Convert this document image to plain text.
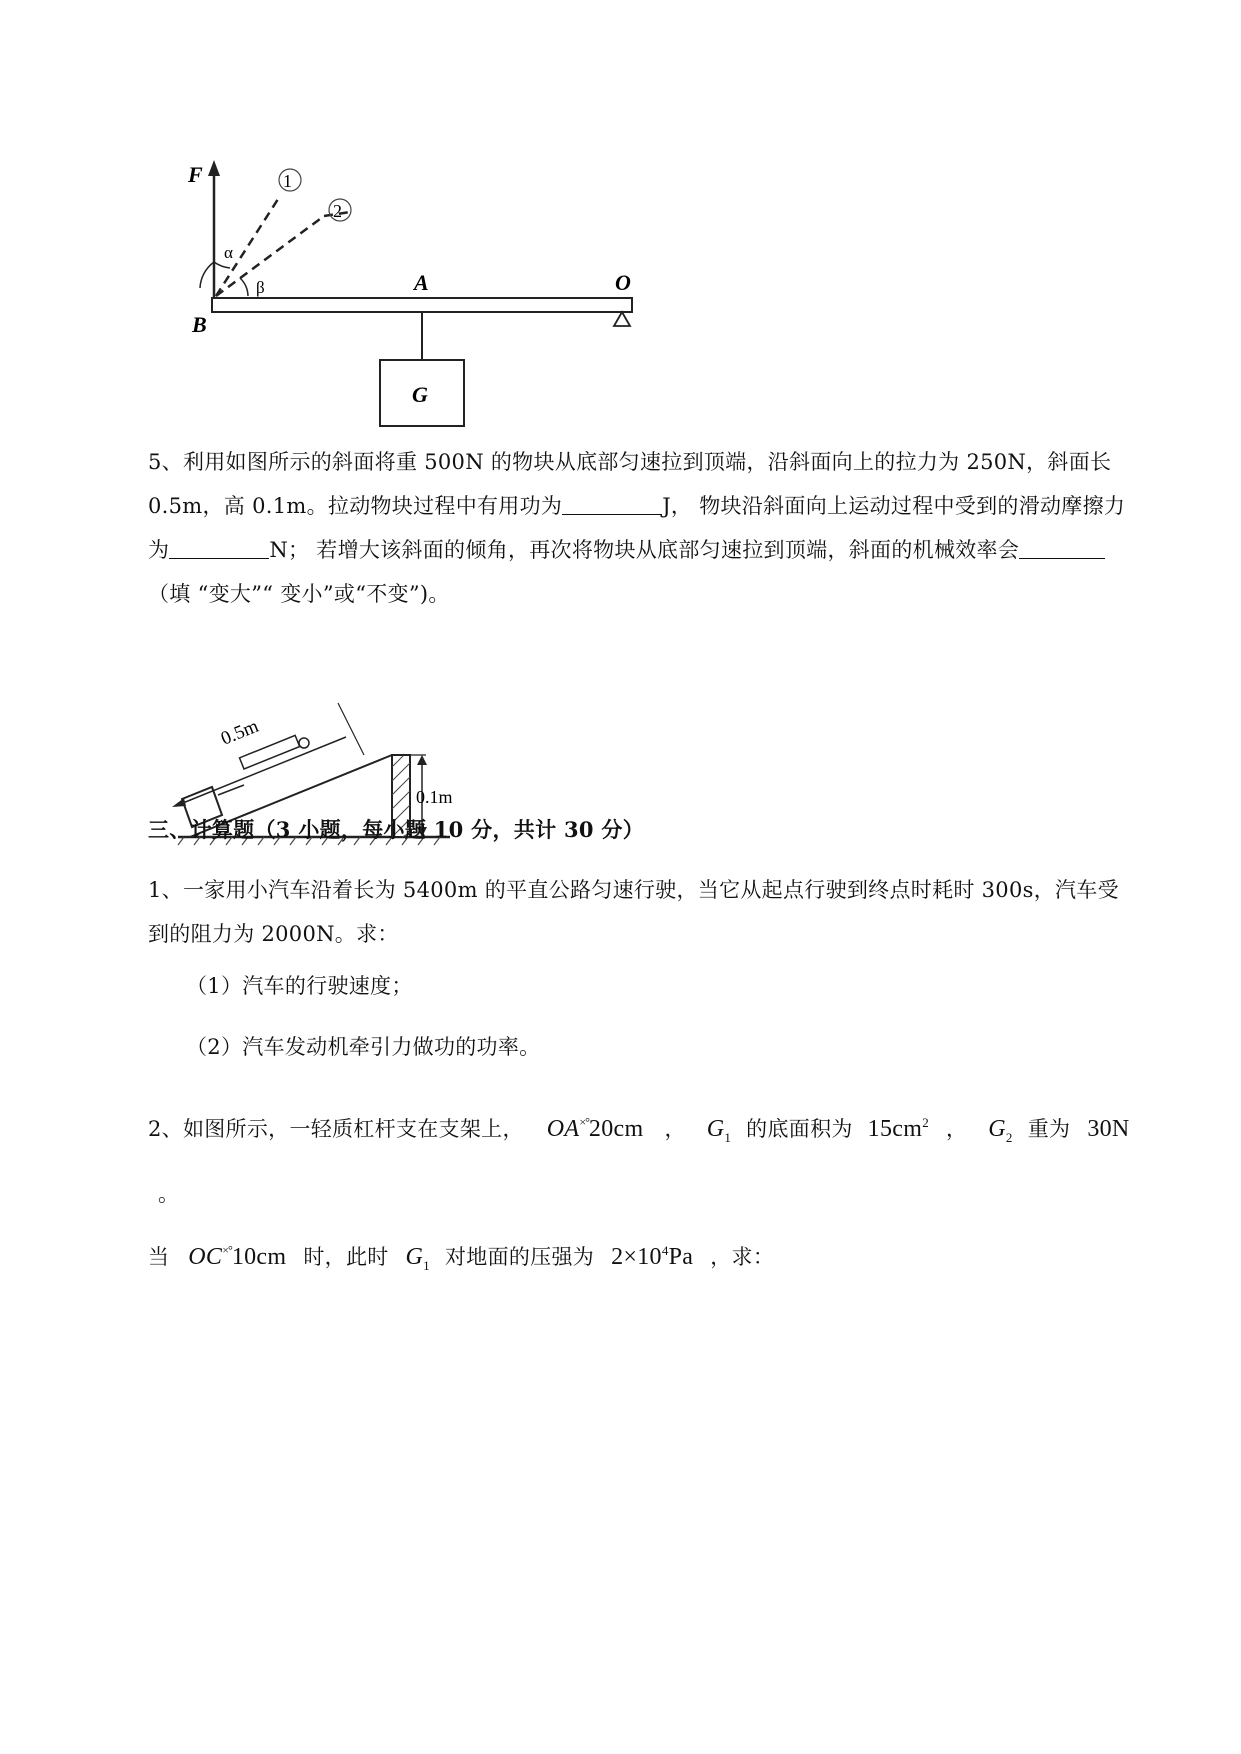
F	1
2
α
β
B
A	O
G
5、利用如图所示的斜面将重 500N 的物块从底部匀速拉到顶端，沿斜面向上的拉力为 250N，斜面长
0.5m，高 0.1m。拉动物块过程中有用功为	J， 物块沿斜面向上运动过程中受到的滑动摩擦力
为	N； 若增大该斜面的倾角，再次将物块从底部匀速拉到顶端，斜面的机械效率会
（填 “变大”“ 变小”或“不变”)。
0.5m
0.1m
三、计算题（3 小题，每小题 10 分，共计 30 分）
1、一家用小汽车沿着长为 5400m 的平直公路匀速行驶，当它从起点行驶到终点时耗时 300s，汽车受
到的阻力为 2000N。求：
（1）汽车的行驶速度；
（2）汽车发动机牵引力做功的功率。
2、如图所示，一轻质杠杆支在支架上， OA×°20cm ， $G_1$ 的底面积为 $15cm^2$ ， $G_2$ 重为 30N 。
当 OC×°10cm 时，此时 $G_1$ 对地面的压强为 $2\times 10^4Pa$ ，求：
